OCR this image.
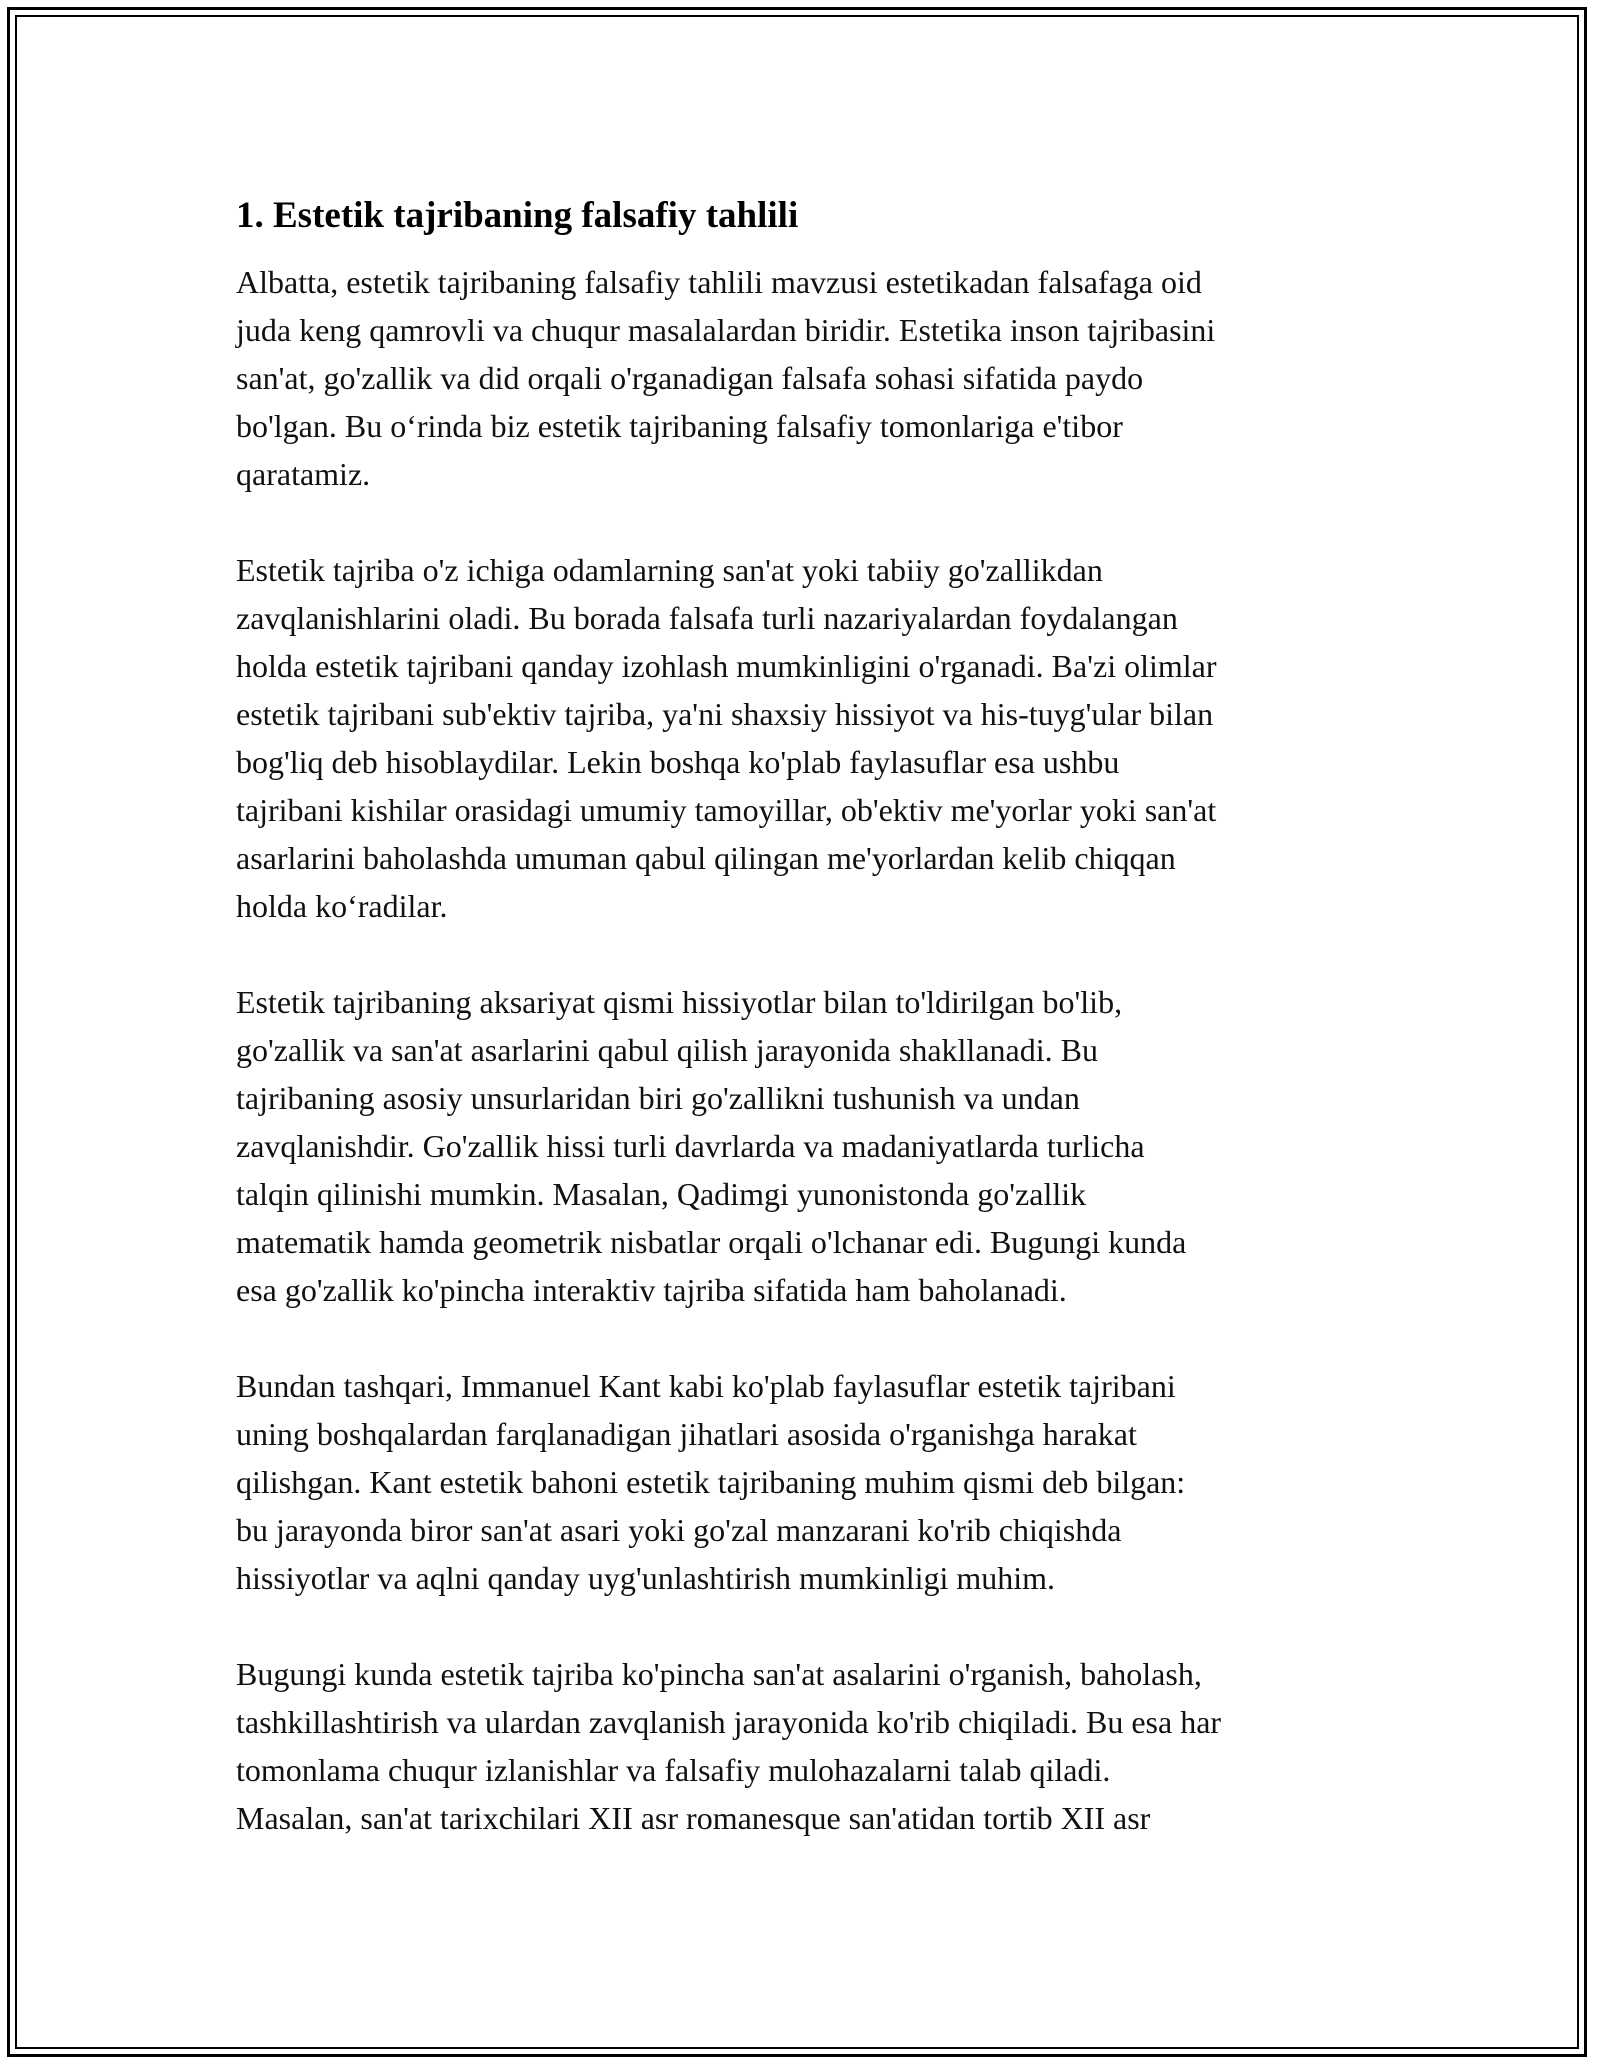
1. Estetik tajribaning falsafiy tahlili
Albatta, estetik tajribaning falsafiy tahlili mavzusi estetikadan falsafaga oid
juda keng qamrovli va chuqur masalalardan biridir. Estetika inson tajribasini
san'at, go'zallik va did orqali o'rganadigan falsafa sohasi sifatida paydo
bo'lgan. Bu o‘rinda biz estetik tajribaning falsafiy tomonlariga e'tibor
qaratamiz.
Estetik tajriba o'z ichiga odamlarning san'at yoki tabiiy go'zallikdan
zavqlanishlarini oladi. Bu borada falsafa turli nazariyalardan foydalangan
holda estetik tajribani qanday izohlash mumkinligini o'rganadi. Ba'zi olimlar
estetik tajribani sub'ektiv tajriba, ya'ni shaxsiy hissiyot va his-tuyg'ular bilan
bog'liq deb hisoblaydilar. Lekin boshqa ko'plab faylasuflar esa ushbu
tajribani kishilar orasidagi umumiy tamoyillar, ob'ektiv me'yorlar yoki san'at
asarlarini baholashda umuman qabul qilingan me'yorlardan kelib chiqqan
holda ko‘radilar.
Estetik tajribaning aksariyat qismi hissiyotlar bilan to'ldirilgan bo'lib,
go'zallik va san'at asarlarini qabul qilish jarayonida shakllanadi. Bu
tajribaning asosiy unsurlaridan biri go'zallikni tushunish va undan
zavqlanishdir. Go'zallik hissi turli davrlarda va madaniyatlarda turlicha
talqin qilinishi mumkin. Masalan, Qadimgi yunonistonda go'zallik
matematik hamda geometrik nisbatlar orqali o'lchanar edi. Bugungi kunda
esa go'zallik ko'pincha interaktiv tajriba sifatida ham baholanadi.
Bundan tashqari, Immanuel Kant kabi ko'plab faylasuflar estetik tajribani
uning boshqalardan farqlanadigan jihatlari asosida o'rganishga harakat
qilishgan. Kant estetik bahoni estetik tajribaning muhim qismi deb bilgan:
bu jarayonda biror san'at asari yoki go'zal manzarani ko'rib chiqishda
hissiyotlar va aqlni qanday uyg'unlashtirish mumkinligi muhim.
Bugungi kunda estetik tajriba ko'pincha san'at asalarini o'rganish, baholash,
tashkillashtirish va ulardan zavqlanish jarayonida ko'rib chiqiladi. Bu esa har
tomonlama chuqur izlanishlar va falsafiy mulohazalarni talab qiladi.
Masalan, san'at tarixchilari XII asr romanesque san'atidan tortib XII asr
